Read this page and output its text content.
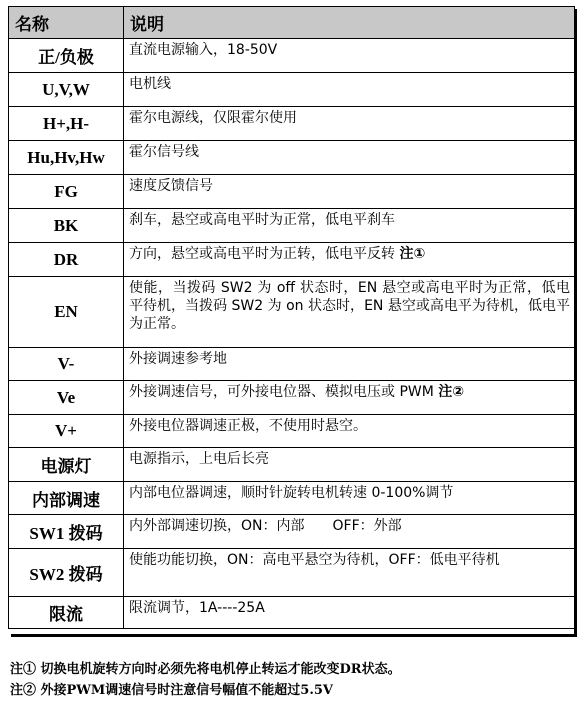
名称	说明
正/负极	直流电源输入，18-50V
U,V,W	电机线
H+,H-	霍尔电源线，仅限霍尔使用
Hu,Hv,Hw	霍尔信号线
FG	速度反馈信号
BK	刹车，悬空或高电平时为正常，低电平刹车
DR	方向，悬空或高电平时为正转，低电平反转 注①
EN	使能，当拨码 SW2 为 off 状态时，EN 悬空或高电平时为正常，低电平待机，当拨码 SW2 为 on 状态时，EN 悬空或高电平为待机，低电平为正常。
V-	外接调速参考地
Ve	外接调速信号，可外接电位器、模拟电压或 PWM 注②
V+	外接电位器调速正极，不使用时悬空。
电源灯	电源指示，上电后长亮
内部调速	内部电位器调速，顺时针旋转电机转速 0-100%调节
SW1 拨码	内外部调速切换，ON：内部　　OFF：外部
SW2 拨码	使能功能切换，ON：高电平悬空为待机，OFF：低电平待机
限流	限流调节，1A----25A
注① 切换电机旋转方向时必须先将电机停止转运才能改变DR状态。
注② 外接PWM调速信号时注意信号幅值不能超过5.5V
